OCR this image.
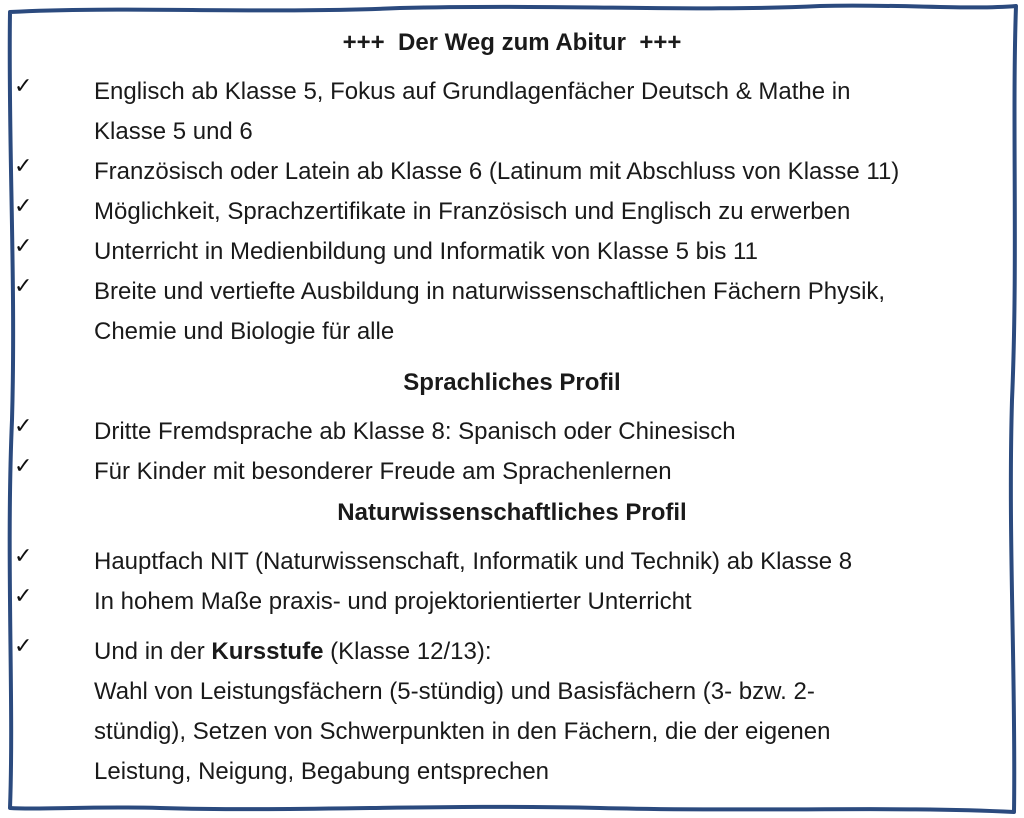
+++  Der Weg zum Abitur  +++
✓	Englisch ab Klasse 5, Fokus auf Grundlagenfächer Deutsch & Mathe in
Klasse 5 und 6
✓	Französisch oder Latein ab Klasse 6 (Latinum mit Abschluss von Klasse 11)
✓	Möglichkeit, Sprachzertifikate in Französisch und Englisch zu erwerben
✓	Unterricht in Medienbildung und Informatik von Klasse 5 bis 11
✓	Breite und vertiefte Ausbildung in naturwissenschaftlichen Fächern Physik,
Chemie und Biologie für alle
Sprachliches Profil
✓	Dritte Fremdsprache ab Klasse 8: Spanisch oder Chinesisch
✓	Für Kinder mit besonderer Freude am Sprachenlernen
Naturwissenschaftliches Profil
✓	Hauptfach NIT (Naturwissenschaft, Informatik und Technik) ab Klasse 8
✓	In hohem Maße praxis- und projektorientierter Unterricht
✓	Und in der Kursstufe (Klasse 12/13):
Wahl von Leistungsfächern (5-stündig) und Basisfächern (3- bzw. 2-
stündig), Setzen von Schwerpunkten in den Fächern, die der eigenen
Leistung, Neigung, Begabung entsprechen
